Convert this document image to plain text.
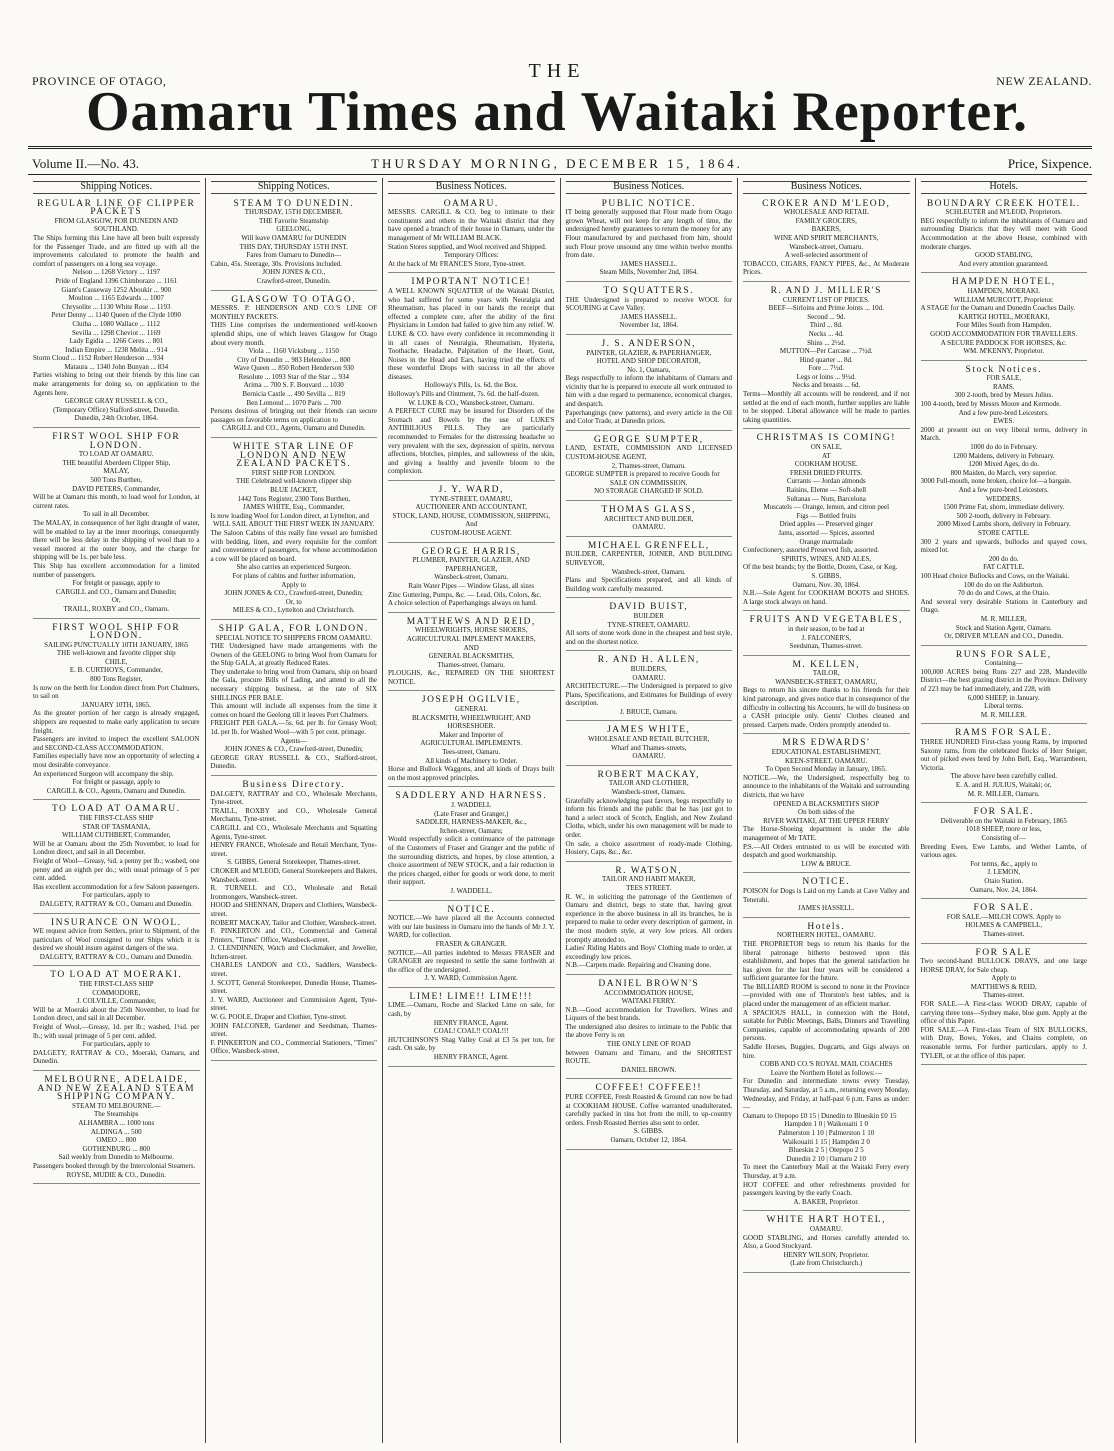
PROVINCE OF OTAGO,	NEW ZEALAND.
THE
Oamaru Times and Waitaki Reporter.
Volume II.—No. 43.	THURSDAY MORNING, DECEMBER 15, 1864.	Price, Sixpence.
Shipping Notices.
REGULAR LINE OF CLIPPER PACKETS
FROM GLASGOW, FOR DUNEDIN AND SOUTHLAND.
The Ships forming this Line have all been built expressly for the Passenger Trade, and are fitted up with all the improvements calculated to promote the health and comfort of passengers on a long sea voyage.
Nelson ... 1268 Victory ... 1197
Pride of England 1396 Chimborazo ... 1161
Giant's Causeway 1252 Aboukir ... 900
Moulton ... 1165 Edwards ... 1007
Chrysolite ... 1130 White Rose ... 1193
Peter Denny ... 1140 Queen of the Clyde 1090
Clutha ... 1080 Wallace ... 1112
Sevilla ... 1298 Cheviot ... 1169
Lady Egidia ... 1266 Ceres ... 801
Indian Empire ... 1238 Melita ... 914
Storm Cloud ... 1152 Robert Henderson ... 934
Mataura ... 1340 John Bunyan ... 834
Parties wishing to bring out their friends by this line can make arrangements for doing so, on application to the Agents here.
GEORGE GRAY RUSSELL & CO.,
(Temporary Office) Stafford-street, Dunedin.
Dunedin, 24th October, 1864.
FIRST WOOL SHIP FOR LONDON.
TO LOAD AT OAMARU.
THE beautiful Aberdeen Clipper Ship,
MALAY,
500 Tons Burthen,
DAVID PETERS, Commander,
Will be at Oamaru this month, to load wool for London, at current rates.
To sail in all December.
The MALAY, in consequence of her light draught of water, will be enabled to lay at the inner moorings, consequently there will be less delay in the shipping of wool than to a vessel moored at the outer buoy, and the charge for shipping will be 1s. per bale less.
This Ship has excellent accommodation for a limited number of passengers.
For freight or passage, apply to
CARGILL and CO., Oamaru and Dunedin;
Or,
TRAILL, ROXBY and CO., Oamaru.
FIRST WOOL SHIP FOR LONDON.
SAILING PUNCTUALLY 10TH JANUARY, 1865
THE well-known and favorite clipper ship
CHILE,
E. B. CURTHOYS, Commander,
800 Tons Register,
Is now on the berth for London direct from Port Chalmers, to sail on
JANUARY 10TH, 1865.
As the greater portion of her cargo is already engaged, shippers are requested to make early application to secure freight.
Passengers are invited to inspect the excellent SALOON and SECOND-CLASS ACCOMMODATION.
Families especially have now an opportunity of selecting a most desirable conveyance.
An experienced Surgeon will accompany the ship.
For freight or passage, apply to
CARGILL & CO., Agents, Oamaru and Dunedin.
TO LOAD AT OAMARU.
THE FIRST-CLASS SHIP
STAR OF TASMANIA,
WILLIAM CUTHBERT, Commander,
Will be at Oamaru about the 25th November, to load for London direct, and sail in all December.
Freight of Wool—Greasy, ¾d. a penny per lb.; washed, one penny and an eighth per do.; with usual primage of 5 per cent. added.
Has excellent accommodation for a few Saloon passengers.
For particulars, apply to
DALGETY, RATTRAY & CO., Oamaru and Dunedin.
INSURANCE ON WOOL.
WE request advice from Settlers, prior to Shipment, of the particulars of Wool consigned to our Ships which it is desired we should insure against dangers of the sea.
DALGETY, RATTRAY & CO., Oamaru and Dunedin.
TO LOAD AT MOERAKI.
THE FIRST-CLASS SHIP
COMMODORE,
J. COLVILLE, Commander,
Will be at Moeraki about the 25th November, to load for London direct, and sail in all December.
Freight of Wool,—Greasy, 1d. per lb.; washed, 1¼d. per lb.; with usual primage of 5 per cent. added.
For particulars, apply to
DALGETY, RATTRAY & CO., Moeraki, Oamaru, and Dunedin.
MELBOURNE, ADELAIDE, AND NEW ZEALAND STEAM SHIPPING COMPANY.
STEAM TO MELBOURNE.—
The Steamships
ALHAMBRA ... 1000 tons
ALDINGA ... 500
OMEO ... 800
GOTHENBURG ... 800
Sail weekly from Dunedin to Melbourne.
Passengers booked through by the Intercolonial Steamers.
ROYSE, MUDIE & CO., Dunedin.
Shipping Notices.
STEAM TO DUNEDIN.
THURSDAY, 15TH DECEMBER.
THE Favorite Steamship
GEELONG,
Will leave OAMARU for DUNEDIN
THIS DAY, THURSDAY 15TH INST.
Fares from Oamaru to Dunedin—
Cabin, 45s. Steerage, 30s. Provisions included.
JOHN JONES & CO.,
Crawford-street, Dunedin.
GLASGOW TO OTAGO.
MESSRS. P. HENDERSON AND CO.'S LINE OF MONTHLY PACKETS.
THIS Line comprises the undermentioned well-known splendid ships, one of which leaves Glasgow for Otago about every month.
Viola ... 1160 Vicksburg ... 1150
City of Dunedin ... 983 Helenslee ... 800
Wave Queen ... 850 Robert Henderson 930
Resolute ... 1093 Star of the Star ... 934
Arima ... 700 S. F. Bouvard ... 1030
Bernicia Castle ... 490 Sevilla ... 819
Ben Lomond ... 1070 Paris ... 700
Persons desirous of bringing out their friends can secure passages on favorable terms on application to
CARGILL and CO., Agents, Oamaru and Dunedin.
WHITE STAR LINE OF LONDON AND NEW ZEALAND PACKETS.
FIRST SHIP FOR LONDON.
THE Celebrated well-known clipper ship
BLUE JACKET,
1442 Tons Register, 2300 Tons Burthen,
JAMES WHITE, Esq., Commander,
Is now loading Wool for London direct, at Lyttelton, and
WILL SAIL ABOUT THE FIRST WEEK IN JANUARY.
The Saloon Cabins of this really fine vessel are furnished with bedding, linen, and every requisite for the comfort and convenience of passengers, for whose accommodation a cow will be placed on board.
She also carries an experienced Surgeon.
For plans of cabins and further information,
Apply to
JOHN JONES & CO., Crawford-street, Dunedin;
Or, to
MILES & CO., Lyttelton and Christchurch.
SHIP GALA, FOR LONDON.
SPECIAL NOTICE TO SHIPPERS FROM OAMARU.
THE Undersigned have made arrangements with the Owners of the GEELONG to bring Wool from Oamaru for the Ship GALA, at greatly Reduced Rates.
They undertake to bring wool from Oamaru, ship on board the Gala, procure Bills of Lading, and attend to all the necessary shipping business, at the rate of SIX SHILLINGS PER BALE.
This amount will include all expenses from the time it comes on board the Geelong till it leaves Port Chalmers.
FREIGHT PER GALA.—5s. 6d. per lb. for Greasy Wool; 1d. per lb. for Washed Wool—with 5 per cent. primage.
Agents—
JOHN JONES & CO., Crawford-street, Dunedin;
GEORGE GRAY RUSSELL & CO., Stafford-street, Dunedin.
Business Directory.
DALGETY, RATTRAY and CO., Wholesale Merchants, Tyne-street.
TRAILL, ROXBY and CO., Wholesale General Merchants, Tyne-street.
CARGILL and CO., Wholesale Merchants and Squatting Agents, Tyne-street.
HENRY FRANCE, Wholesale and Retail Merchant, Tyne-street.
S. GIBBS, General Storekeeper, Thames-street.
CROKER and M'LEOD, General Storekeepers and Bakers, Wansbeck-street.
R. TURNELL and CO., Wholesale and Retail Ironmongers, Wansbeck-street.
HOOD and SHENNAN, Drapers and Clothiers, Wansbeck-street.
ROBERT MACKAY, Tailor and Clothier, Wansbeck-street.
F. PINKERTON and CO., Commercial and General Printers, "Times" Office, Wansbeck-street.
J. CLENDINNEN, Watch and Clockmaker, and Jeweller, Itchen-street.
CHARLES LANDON and CO., Saddlers, Wansbeck-street.
J. SCOTT, General Storekeeper, Dunedin House, Thames-street.
J. Y. WARD, Auctioneer and Commission Agent, Tyne-street.
W. G. POOLE, Draper and Clothier, Tyne-street.
JOHN FALCONER, Gardener and Seedsman, Thames-street.
F. PINKERTON and CO., Commercial Stationers, "Times" Office, Wansbeck-street.
Business Notices.
OAMARU.
MESSRS. CARGILL & CO. beg to intimate to their constituents and others in the Waitaki district that they have opened a branch of their house in Oamaru, under the management of Mr WILLIAM BLACK.
Station Stores supplied, and Wool received and Shipped.
Temporary Offices:
At the back of Mr FRANCE'S Store, Tyne-street.
IMPORTANT NOTICE!
A WELL KNOWN SQUATTER of the Waitaki District, who had suffered for some years with Neuralgia and Rheumatism, has placed in our hands the receipt that effected a complete cure, after the ability of the first Physicians in London had failed to give him any relief. W. LUKE & CO. have every confidence in recommending it in all cases of Neuralgia, Rheumatism, Hysteria, Toothache, Headache, Palpitation of the Heart, Gout, Noises in the Head and Ears, having tried the effects of these wonderful Drops with success in all the above diseases.
Holloway's Pills, 1s. 6d. the Box.
Holloway's Pills and Ointment, 7s. 6d. the half-dozen.
W. LUKE & CO., Wansbeck-street, Oamaru.
A PERFECT CURE may be insured for Disorders of the Stomach and Bowels by the use of LUKE'S ANTIBILIOUS PILLS. They are particularly recommended to Females for the distressing headache so very prevalent with the sex, depression of spirits, nervous affections, blotches, pimples, and sallowness of the skin, and giving a healthy and juvenile bloom to the complexion.
J. Y. WARD,
TYNE-STREET, OAMARU,
AUCTIONEER AND ACCOUNTANT,
STOCK, LAND, HOUSE, COMMISSION, SHIPPING,
And
CUSTOM-HOUSE AGENT.
GEORGE HARRIS,
PLUMBER, PAINTER, GLAZIER, AND PAPERHANGER,
Wansbeck-street, Oamaru.
Rain Water Pipes — Window Glass, all sizes
Zinc Guttering, Pumps, &c. — Lead, Oils, Colors, &c.
A choice selection of Paperhangings always on hand.
MATTHEWS AND REID,
WHEELWRIGHTS, HORSE SHOERS,
AGRICULTURAL IMPLEMENT MAKERS,
AND
GENERAL BLACKSMITHS,
Thames-street, Oamaru.
PLOUGHS, &c., REPAIRED ON THE SHORTEST NOTICE.
JOSEPH OGILVIE,
GENERAL
BLACKSMITH, WHEELWRIGHT, AND HORSESHOER.
Maker and Importer of
AGRICULTURAL IMPLEMENTS.
Tees-street, Oamaru.
All kinds of Machinery to Order.
Horse and Bullock Waggons, and all kinds of Drays built on the most approved principles.
SADDLERY AND HARNESS.
J. WADDELL
(Late Fraser and Granger,)
SADDLER, HARNESS-MAKER, &c.,
Itchen-street, Oamaru;
Would respectfully solicit a continuance of the patronage of the Customers of Fraser and Granger and the public of the surrounding districts, and hopes, by close attention, a choice assortment of NEW STOCK, and a fair reduction in the prices charged, either for goods or work done, to merit their support.
J. WADDELL.
NOTICE.
NOTICE.—We have placed all the Accounts connected with our late business in Oamaru into the hands of Mr J. Y. WARD, for collection.
FRASER & GRANGER.
NOTICE.—All parties indebted to Messrs FRASER and GRANGER are requested to settle the same forthwith at the office of the undersigned.
J. Y. WARD, Commission Agent.
LIME! LIME!! LIME!!!
LIME.—Oamaru, Roche and Slacked Lime on sale, for cash, by
HENRY FRANCE, Agent.
COAL! COAL!! COAL!!!
HUTCHINSON'S Shag Valley Coal at £3 5s per ton, for cash. On sale, by
HENRY FRANCE, Agent.
Business Notices.
PUBLIC NOTICE.
IT being generally supposed that Flour made from Otago grown Wheat, will not keep for any length of time, the undersigned hereby guarantees to return the money for any Flour manufactured by and purchased from him, should such Flour prove unsound any time within twelve months from date.
JAMES HASSELL.
Steam Mills, November 2nd, 1864.
TO SQUATTERS.
THE Undersigned is prepared to receive WOOL for SCOURING at Cave Valley.
JAMES HASSELL.
November 1st, 1864.
J. S. ANDERSON,
PAINTER, GLAZIER, & PAPERHANGER,
HOTEL AND SHOP DECORATOR,
No. 1, Oamaru,
Begs respectfully to inform the inhabitants of Oamaru and vicinity that he is prepared to execute all work entrusted to him with a due regard to permanence, economical charges, and despatch.
Paperhangings (new patterns), and every article in the Oil and Color Trade, at Dunedin prices.
GEORGE SUMPTER,
LAND, ESTATE, COMMISSION AND LICENSED CUSTOM-HOUSE AGENT,
2, Thames-street, Oamaru.
GEORGE SUMPTER is prepared to receive Goods for
SALE ON COMMISSION.
NO STORAGE CHARGED IF SOLD.
THOMAS GLASS,
ARCHITECT AND BUILDER,
OAMARU.
MICHAEL GRENFELL,
BUILDER, CARPENTER, JOINER, AND BUILDING SURVEYOR,
Wansbeck-street, Oamaru.
Plans and Specifications prepared, and all kinds of Building work carefully measured.
DAVID BUIST,
BUILDER
TYNE-STREET, OAMARU.
All sorts of stone work done in the cheapest and best style, and on the shortest notice.
R. AND H. ALLEN,
BUILDERS,
OAMARU.
ARCHITECTURE.—The Undersigned is prepared to give Plans, Specifications, and Estimates for Buildings of every description.
J. BRUCE, Oamaru.
JAMES WHITE,
WHOLESALE AND RETAIL BUTCHER,
Wharf and Thames-streets,
OAMARU.
ROBERT MACKAY,
TAILOR AND CLOTHIER,
Wansbeck-street, Oamaru.
Gratefully acknowledging past favors, begs respectfully to inform his friends and the public that he has just got to hand a select stock of Scotch, English, and New Zealand Cloths, which, under his own management will be made to order.
On sale, a choice assortment of ready-made Clothing, Hosiery, Caps, &c., &c.
R. WATSON,
TAILOR AND HABIT MAKER,
TEES STREET.
R. W., in soliciting the patronage of the Gentlemen of Oamaru and district, begs to state that, having great experience in the above business in all its branches, he is prepared to make to order every description of garment, in the most modern style, at very low prices. All orders promptly attended to.
Ladies' Riding Habits and Boys' Clothing made to order, at exceedingly low prices.
N.B.—Carpets made. Repairing and Cleaning done.
DANIEL BROWN'S
ACCOMMODATION HOUSE,
WAITAKI FERRY.
N.B.—Good accommodation for Travellers. Wines and Liquors of the best brands.
The undersigned also desires to intimate to the Public that the above Ferry is on
THE ONLY LINE OF ROAD
between Oamaru and Timaru, and the SHORTEST ROUTE.
DANIEL BROWN.
COFFEE! COFFEE!!
PURE COFFEE, Fresh Roasted & Ground can now be had at COOKHAM HOUSE. Coffee warranted unadulterated, carefully packed in tins hot from the mill, to up-country orders. Fresh Roasted Berries also sent to order.
S. GIBBS.
Oamaru, October 12, 1864.
Business Notices.
CROKER AND M'LEOD,
WHOLESALE AND RETAIL
FAMILY GROCERS,
BAKERS,
WINE AND SPIRIT MERCHANTS,
Wansbeck-street, Oamaru.
A well-selected assortment of
TOBACCO, CIGARS, FANCY PIPES, &c., At Moderate Prices.
R. AND J. MILLER'S
CURRENT LIST OF PRICES.
BEEF—Sirloins and Prime Joints ... 10d.
Second ... 9d.
Third ... 8d.
Necks ... 4d.
Shins ... 2½d.
MUTTON—Per Carcase ... 7½d.
Hind quarter ... 8d.
Fore ... 7½d.
Legs or loins ... 9½d.
Necks and breasts ... 6d.
Terms—Monthly all accounts will be rendered, and if not settled at the end of each month, further supplies are liable to be stopped. Liberal allowance will be made to parties taking quantities.
CHRISTMAS IS COMING!
ON SALE,
AT
COOKHAM HOUSE.
FRESH DRIED FRUITS.
Currants — Jordan almonds
Raisins, Eleme — Soft-shell
Sultanas — Nuts, Barcelona
Muscatels — Orange, lemon, and citron peel
Figs — Bottled fruits
Dried apples — Preserved ginger
Jams, assorted — Spices, assorted
Orange marmalade
Confectionery, assorted Preserved fish, assorted.
SPIRITS, WINES, AND ALES,
Of the best brands; by the Bottle, Dozen, Case, or Keg.
S. GIBBS,
Oamaru, Nov. 30, 1864.
N.B.—Sole Agent for COOKHAM BOOTS and SHOES. A large stock always on hand.
FRUITS AND VEGETABLES,
in their season, to be had at
J. FALCONER'S,
Seedsman, Thames-street.
M. KELLEN,
TAILOR,
WANSBECK-STREET, OAMARU,
Begs to return his sincere thanks to his friends for their kind patronage, and gives notice that in consequence of the difficulty in collecting his Accounts, he will do business on a CASH principle only. Gents' Clothes cleaned and pressed. Carpets made. Orders promptly attended to.
MRS EDWARDS'
EDUCATIONAL ESTABLISHMENT,
KEEN-STREET, OAMARU.
To Open Second Monday in January, 1865.
NOTICE.—We, the Undersigned, respectfully beg to announce to the inhabitants of the Waitaki and surrounding districts, that we have
OPENED A BLACKSMITH'S SHOP
On both sides of the
RIVER WAITAKI, AT THE UPPER FERRY
The Horse-Shoeing department is under the able management of Mr TATE.
P.S.—All Orders entrusted to us will be executed with despatch and good workmanship.
LOW & BRUCE.
NOTICE.
POISON for Dogs is Laid on my Lands at Cave Valley and Tenerahi.
JAMES HASSELL.
Hotels.
NORTHERN HOTEL, OAMARU.
THE PROPRIETOR begs to return his thanks for the liberal patronage hitherto bestowed upon this establishment, and hopes that the general satisfaction he has given for the last four years will be considered a sufficient guarantee for the future.
The BILLIARD ROOM is second to none in the Province—provided with one of Thurston's best tables, and is placed under the management of an efficient marker.
A SPACIOUS HALL, in connexion with the Hotel, suitable for Public Meetings, Balls, Dinners and Travelling Companies, capable of accommodating upwards of 200 persons.
Saddle Horses, Buggies, Dogcarts, and Gigs always on hire.
COBB AND CO.'S ROYAL MAIL COACHES
Leave the Northern Hotel as follows:—
For Dunedin and intermediate towns every Tuesday, Thursday, and Saturday, at 5 a.m., returning every Monday, Wednesday, and Friday, at half-past 6 p.m. Fares as under:—
Oamaru to Otepopo £0 15 | Dunedin to Blueskin £0 15
Hampden 1 0 | Waikouaiti 1 0
Palmerston 1 10 | Palmerston 1 10
Waikouaiti 1 15 | Hampden 2 0
Blueskin 2 5 | Otepopo 2 5
Dunedin 2 10 | Oamaru 2 10
To meet the Canterbury Mail at the Waitaki Ferry every Thursday, at 9 a.m.
HOT COFFEE and other refreshments provided for passengers leaving by the early Coach.
A. BAKER, Proprietor.
WHITE HART HOTEL,
OAMARU.
GOOD STABLING, and Horses carefully attended to. Also, a Good Stockyard.
HENRY WILSON, Proprietor.
(Late from Christchurch.)
Hotels.
BOUNDARY CREEK HOTEL.
SCHLEUTER and M'LEOD, Proprietors.
BEG respectfully to inform the inhabitants of Oamaru and surrounding Districts that they will meet with Good Accommodation at the above House, combined with moderate charges.
GOOD STABLING,
And every attention guaranteed.
HAMPDEN HOTEL,
HAMPDEN, MOERAKI.
WILLIAM MURCOTT, Proprietor.
A STAGE for the Oamaru and Dunedin Coaches Daily.
KARTIGI HOTEL, MOERAKI,
Four Miles South from Hampden.
GOOD ACCOMMODATION FOR TRAVELLERS.
A SECURE PADDOCK FOR HORSES, &c.
WM. M'KENNY, Proprietor.
Stock Notices.
FOR SALE,
RAMS.
300 2-tooth, bred by Messrs Julius.
100 4-tooth, bred by Messrs Moore and Kermode.
And a few pure-bred Leicesters.
EWES.
2000 at present out on very liberal terms, delivery in March.
1000 do do in February.
1200 Maidens, delivery in February.
1200 Mixed Ages, do do.
800 Maiden, do March, very superior.
3000 Full-mouth, none broken, choice lot—a bargain.
And a few pure-bred Leicesters.
WEDDERS.
1500 Prime Fat, shorn, immediate delivery.
500 2-tooth, delivery in February.
2000 Mixed Lambs shorn, delivery in February.
STORE CATTLE.
300 2 years and upwards, bullocks and spayed cows, mixed lot.
200 do do.
FAT CATTLE.
100 Head choice Bullocks and Cows, on the Waitaki.
100 do do on the Ashburton.
70 do do and Cows, at the Otaio.
And several very desirable Stations in Canterbury and Otago.
M. R. MILLER,
Stock and Station Agent, Oamaru.
Or, DRIVER M'LEAN and CO., Dunedin.
RUNS FOR SALE,
Containing—
100,000 ACRES being Runs 227 and 228, Mandeville District—the best grazing district in the Province. Delivery of 223 may be had immediately, and 228, with
6,000 SHEEP, in January.
Liberal terms.
M. R. MILLER.
RAMS FOR SALE.
THREE HUNDRED First-class young Rams, by imported Saxony rams, from the celebrated flocks of Herr Steiger, out of picked ewes bred by John Bell, Esq., Warrambeen, Victoria.
The above have been carefully culled.
E. A. and H. JULIUS, Waitaki; or,
M. R. MILLER, Oamaru.
FOR SALE.
Deliverable on the Waitaki in February, 1865
1018 SHEEP, more or less,
Consisting of—
Breeding Ewes, Ewe Lambs, and Wether Lambs, of various ages.
For terms, &c., apply to
J. LEMON,
Otaio Station.
Oamaru, Nov. 24, 1864.
FOR SALE.
FOR SALE.—MILCH COWS. Apply to
HOLMES & CAMPBELL,
Thames-street.
FOR SALE
Two second-hand BULLOCK DRAYS, and one large HORSE DRAY, for Sale cheap.
Apply to
MATTHEWS & REID,
Thames-street.
FOR SALE.—A First-class WOOD DRAY, capable of carrying three tons—Sydney make, blue gum. Apply at the office of this Paper.
FOR SALE.—A First-class Team of SIX BULLOCKS, with Dray, Bows, Yokes, and Chains complete, on reasonable terms. For further particulars, apply to J. TYLER, or at the office of this paper.
